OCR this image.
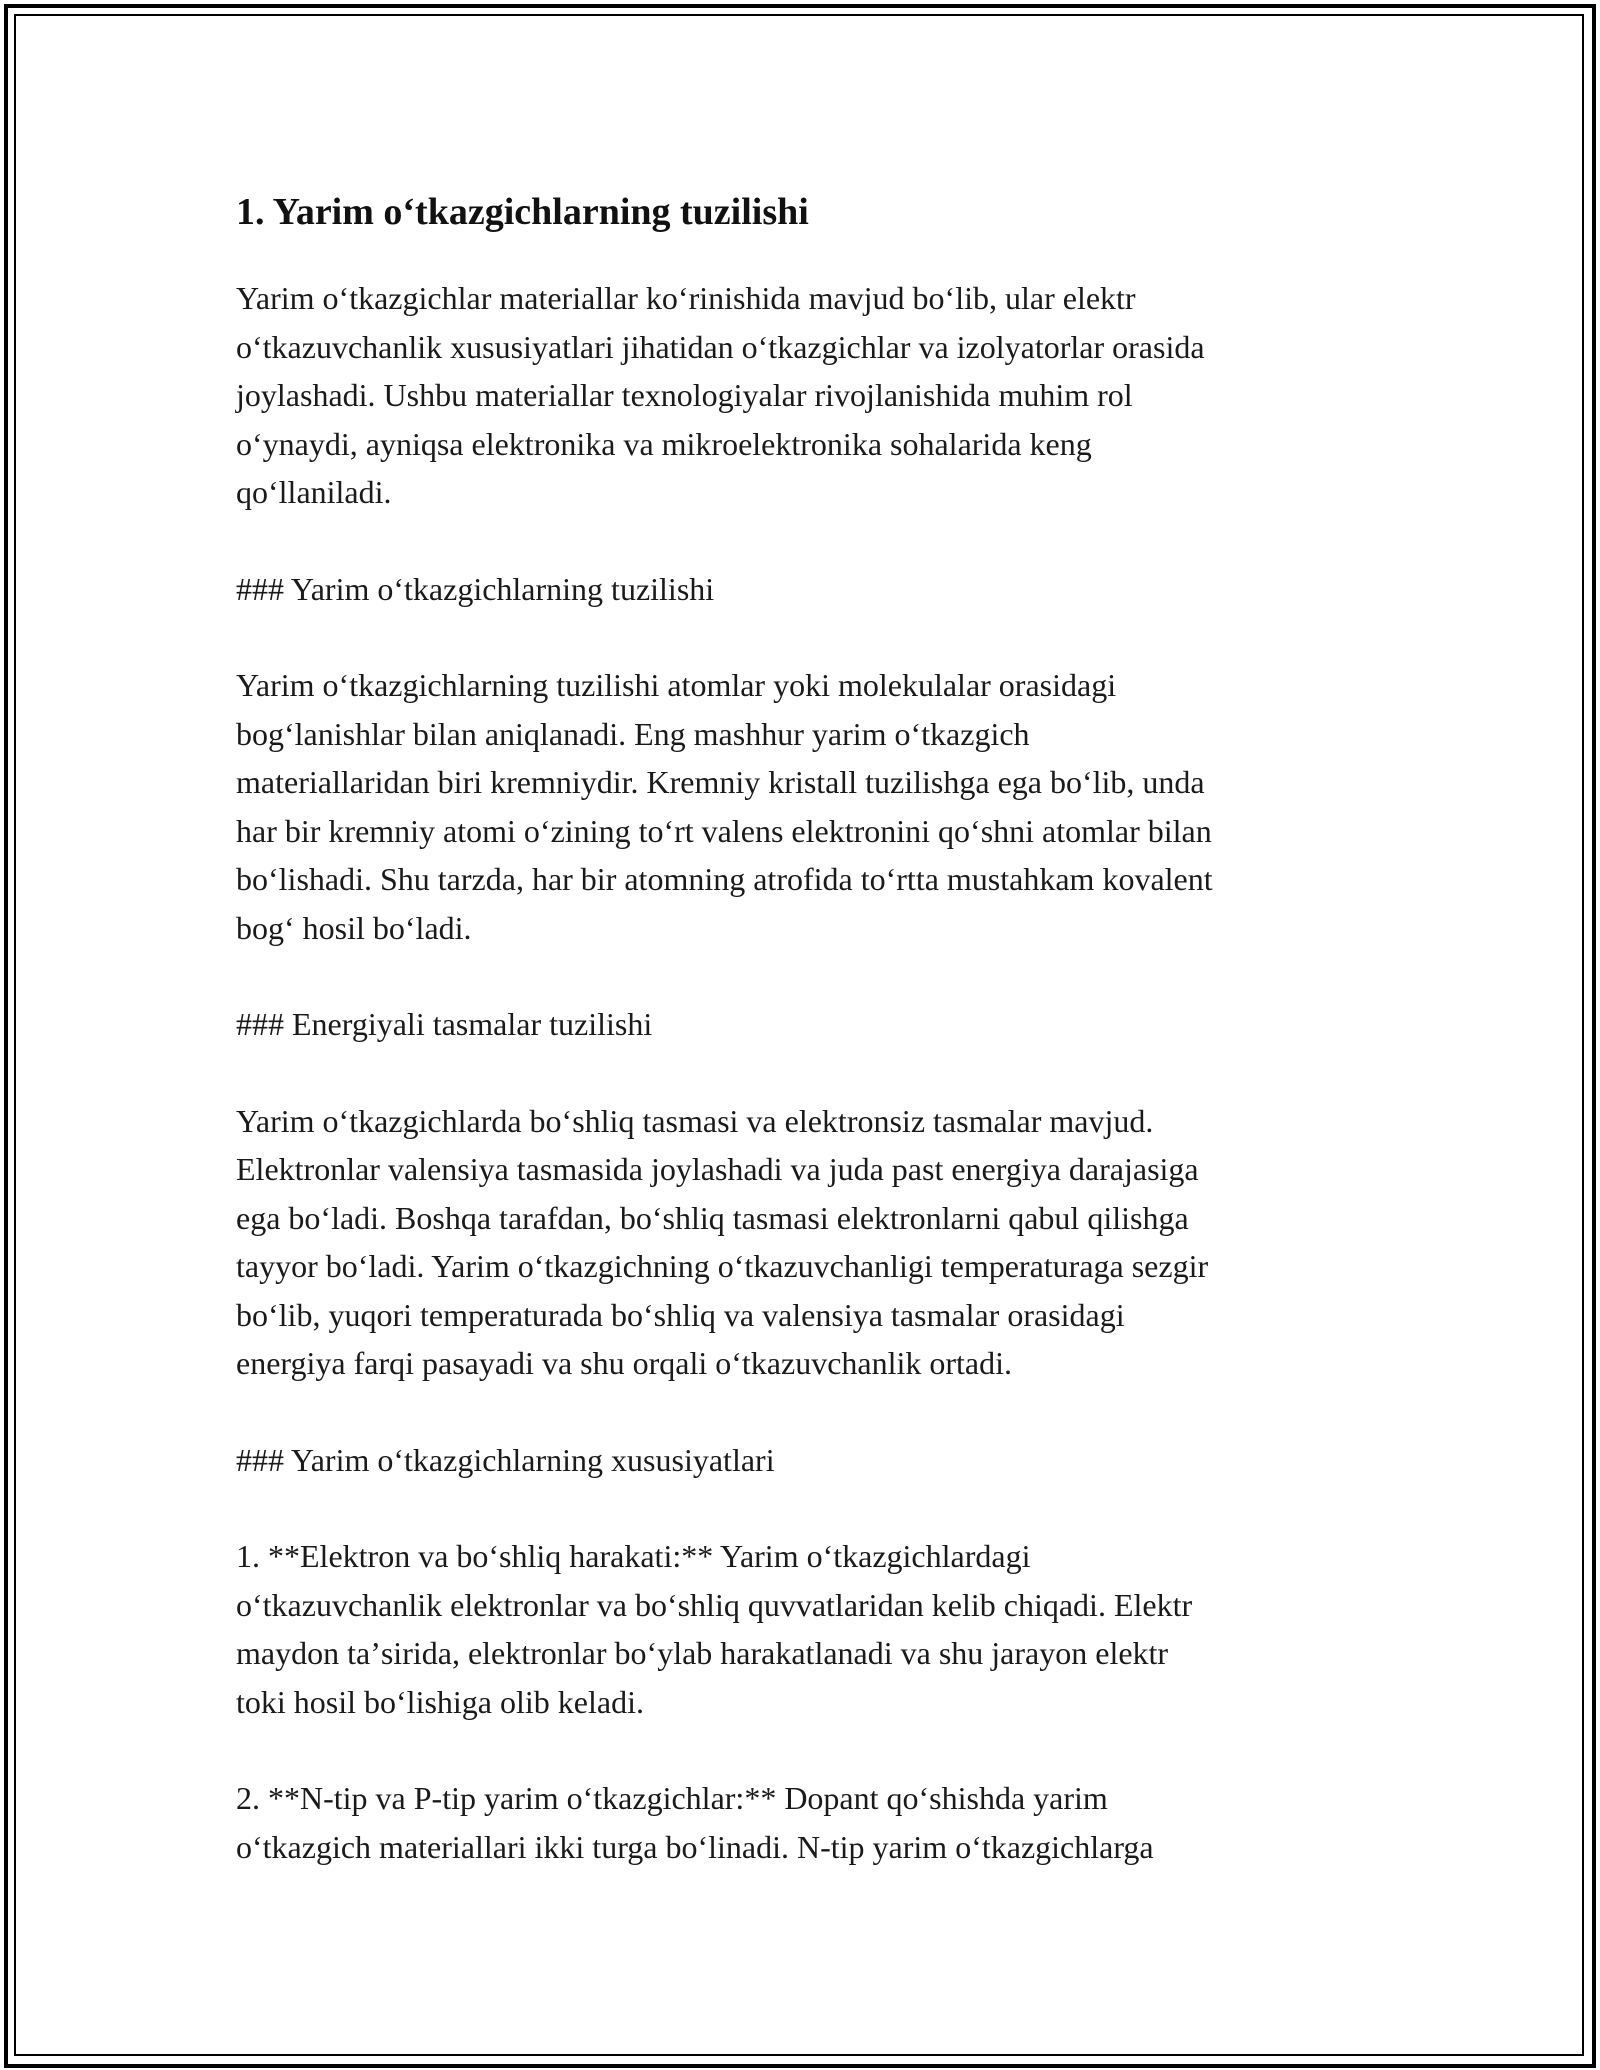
1. Yarim oʻtkazgichlarning tuzilishi

Yarim oʻtkazgichlar materiallar koʻrinishida mavjud boʻlib, ular elektr
oʻtkazuvchanlik xususiyatlari jihatidan oʻtkazgichlar va izolyatorlar orasida
joylashadi. Ushbu materiallar texnologiyalar rivojlanishida muhim rol
oʻynaydi, ayniqsa elektronika va mikroelektronika sohalarida keng
qoʻllaniladi.

### Yarim oʻtkazgichlarning tuzilishi

Yarim oʻtkazgichlarning tuzilishi atomlar yoki molekulalar orasidagi
bogʻlanishlar bilan aniqlanadi. Eng mashhur yarim oʻtkazgich
materiallaridan biri kremniydir. Kremniy kristall tuzilishga ega boʻlib, unda
har bir kremniy atomi oʻzining toʻrt valens elektronini qoʻshni atomlar bilan
boʻlishadi. Shu tarzda, har bir atomning atrofida toʻrtta mustahkam kovalent
bogʻ hosil boʻladi.

### Energiyali tasmalar tuzilishi

Yarim oʻtkazgichlarda boʻshliq tasmasi va elektronsiz tasmalar mavjud.
Elektronlar valensiya tasmasida joylashadi va juda past energiya darajasiga
ega boʻladi. Boshqa tarafdan, boʻshliq tasmasi elektronlarni qabul qilishga
tayyor boʻladi. Yarim oʻtkazgichning oʻtkazuvchanligi temperaturaga sezgir
boʻlib, yuqori temperaturada boʻshliq va valensiya tasmalar orasidagi
energiya farqi pasayadi va shu orqali oʻtkazuvchanlik ortadi.

### Yarim oʻtkazgichlarning xususiyatlari

1. **Elektron va boʻshliq harakati:** Yarim oʻtkazgichlardagi
oʻtkazuvchanlik elektronlar va boʻshliq quvvatlaridan kelib chiqadi. Elektr
maydon taʼsirida, elektronlar boʻylab harakatlanadi va shu jarayon elektr
toki hosil boʻlishiga olib keladi.

2. **N-tip va P-tip yarim oʻtkazgichlar:** Dopant qoʻshishda yarim
oʻtkazgich materiallari ikki turga boʻlinadi. N-tip yarim oʻtkazgichlarga
